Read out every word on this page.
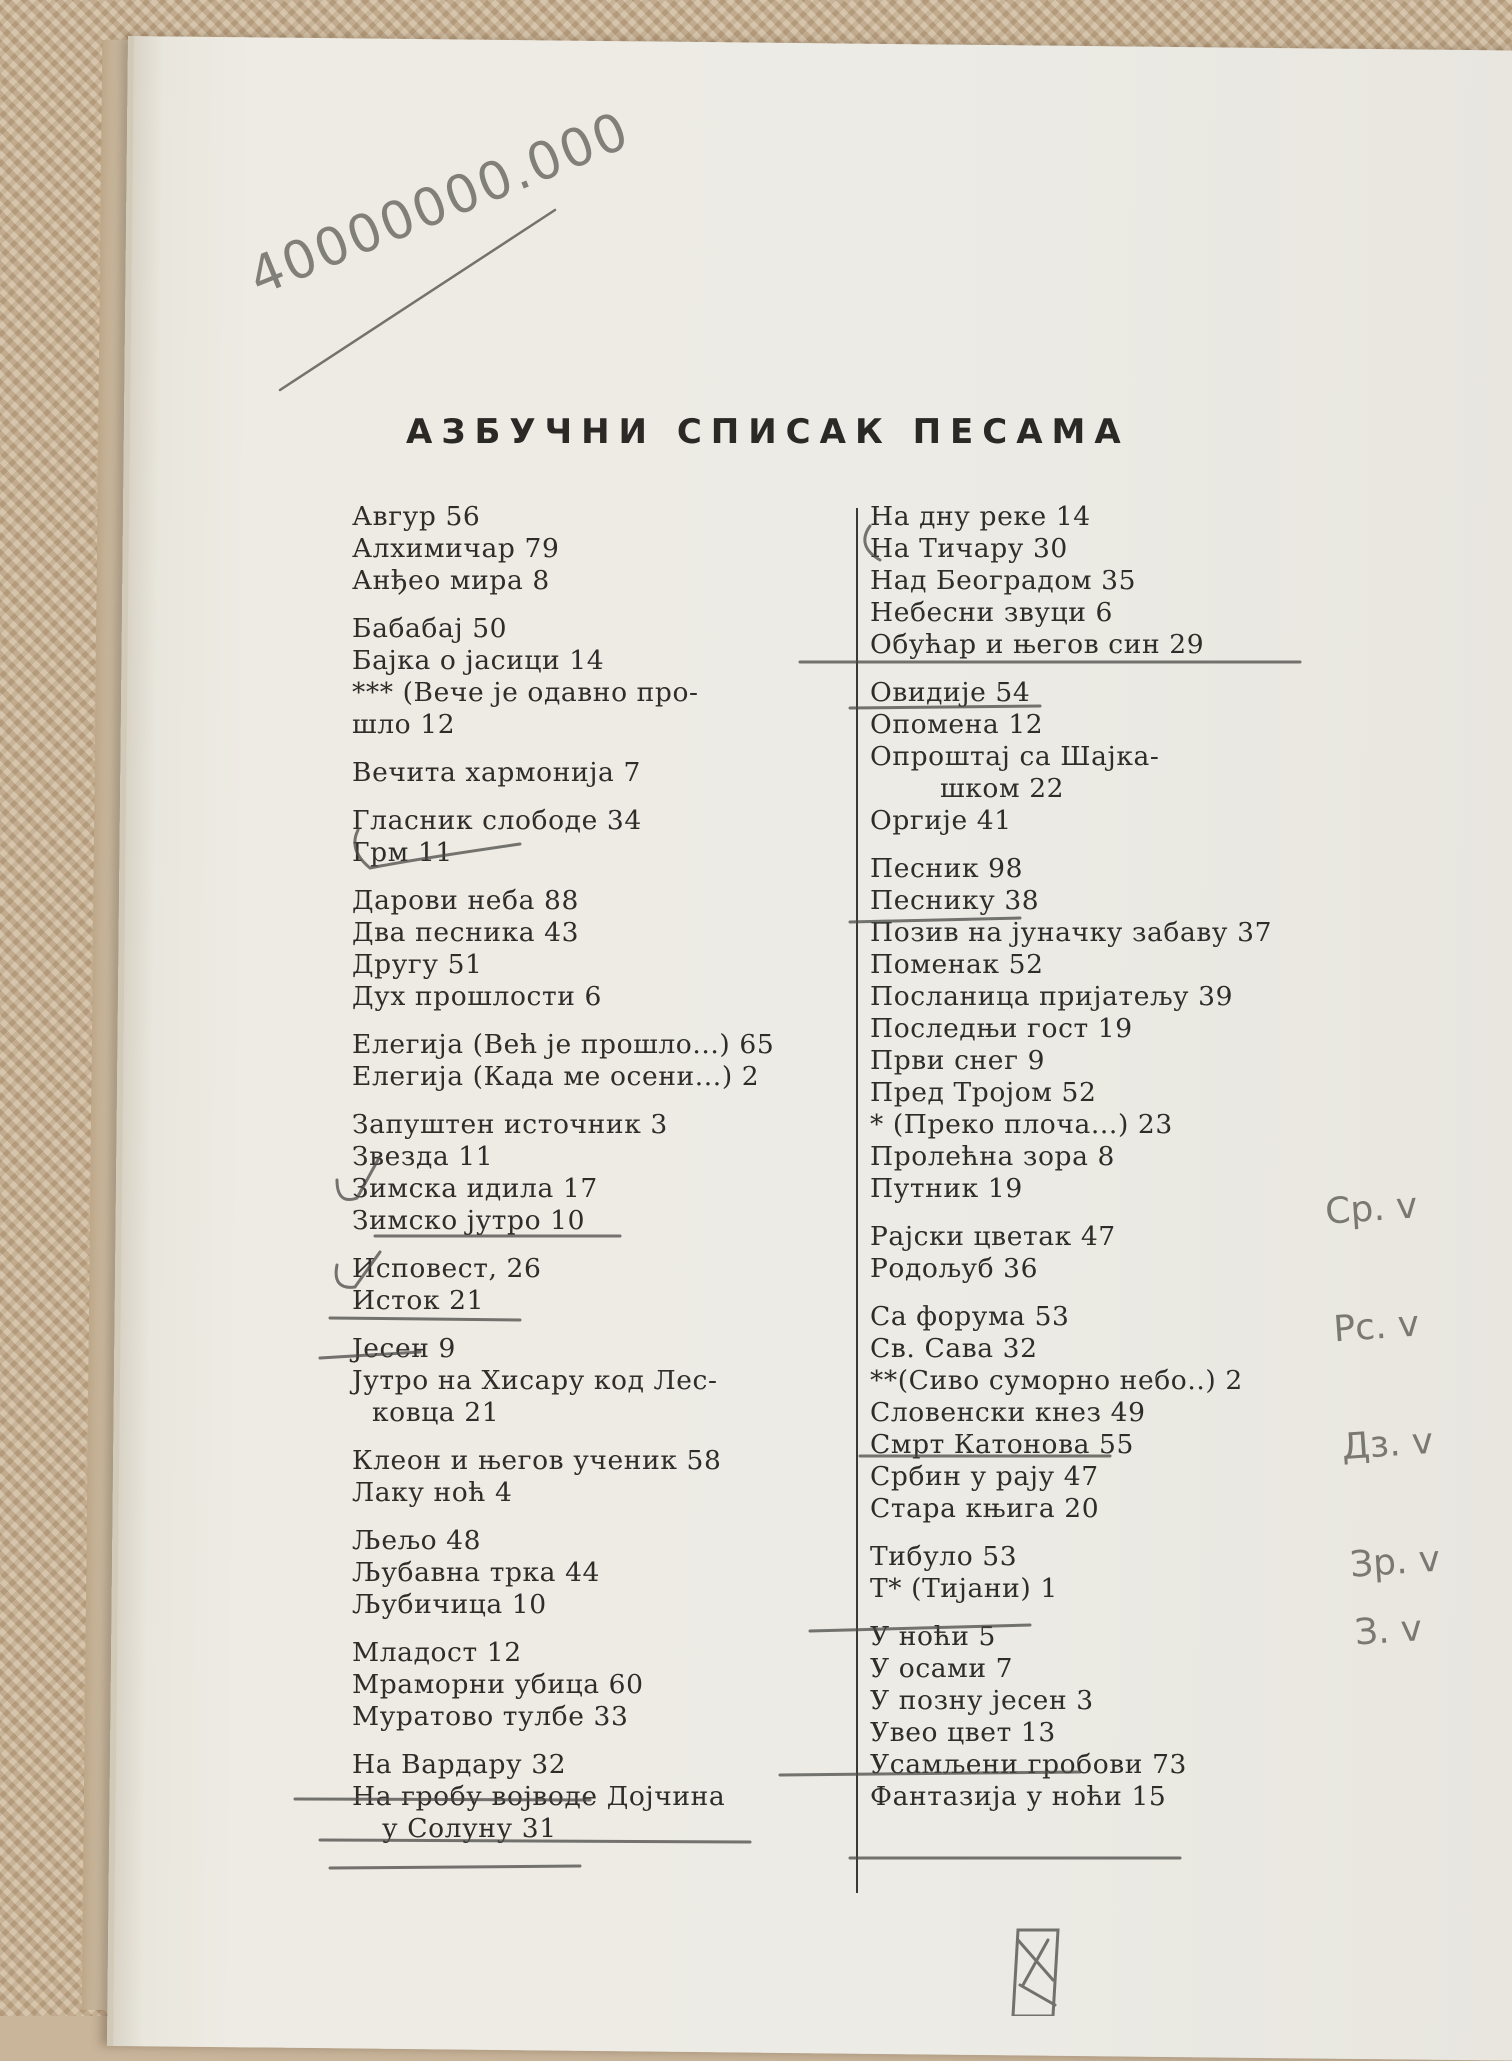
40000000.000
АЗБУЧНИ СПИСАК ПЕСАМА
Авгур 56
Алхимичар 79
Анђео мира 8
Бабабај 50
Бајка о јасици 14
*** (Вече је одавно про-
шло 12
Вечита хармонија 7
Гласник слободе 34
Грм 11
Дарови неба 88
Два песника 43
Другу 51
Дух прошлости 6
Елегија (Већ је прошло...) 65
Елегија (Када ме осени...) 2
Запуштен источник 3
Звезда 11
Зимска идила 17
Зимско јутро 10
Исповест, 26
Исток 21
Јесен 9
Јутро на Хисару код Лес-
ковца 21
Клеон и његов ученик 58
Лаку ноћ 4
Љељо 48
Љубавна трка 44
Љубичица 10
Младост 12
Мраморни убица 60
Муратово тулбе 33
На Вардару 32
На гробу војводе Дојчина
у Солуну 31
На дну реке 14
На Тичару 30
Над Београдом 35
Небесни звуци 6
Обућар и његов син 29
Овидије 54
Опомена 12
Опроштај са Шајка-
шком 22
Оргије 41
Песник 98
Песнику 38
Позив на јуначку забаву 37
Поменак 52
Посланица пријатељу 39
Последњи гост 19
Први снег 9
Пред Тројом 52
* (Преко плоча...) 23
Пролећна зора 8
Путник 19
Рајски цветак 47
Родољуб 36
Са форума 53
Св. Сава 32
**(Сиво суморно небо..) 2
Словенски кнез 49
Смрт Катонова 55
Србин у рају 47
Стара књига 20
Тибуло 53
Т* (Тијани) 1
У ноћи 5
У осами 7
У позну јесен 3
Увео цвет 13
Усамљени гробови 73
Фантазија у ноћи 15
Ср. v
Рс. v
Дз. v
Зр. v
З. v
